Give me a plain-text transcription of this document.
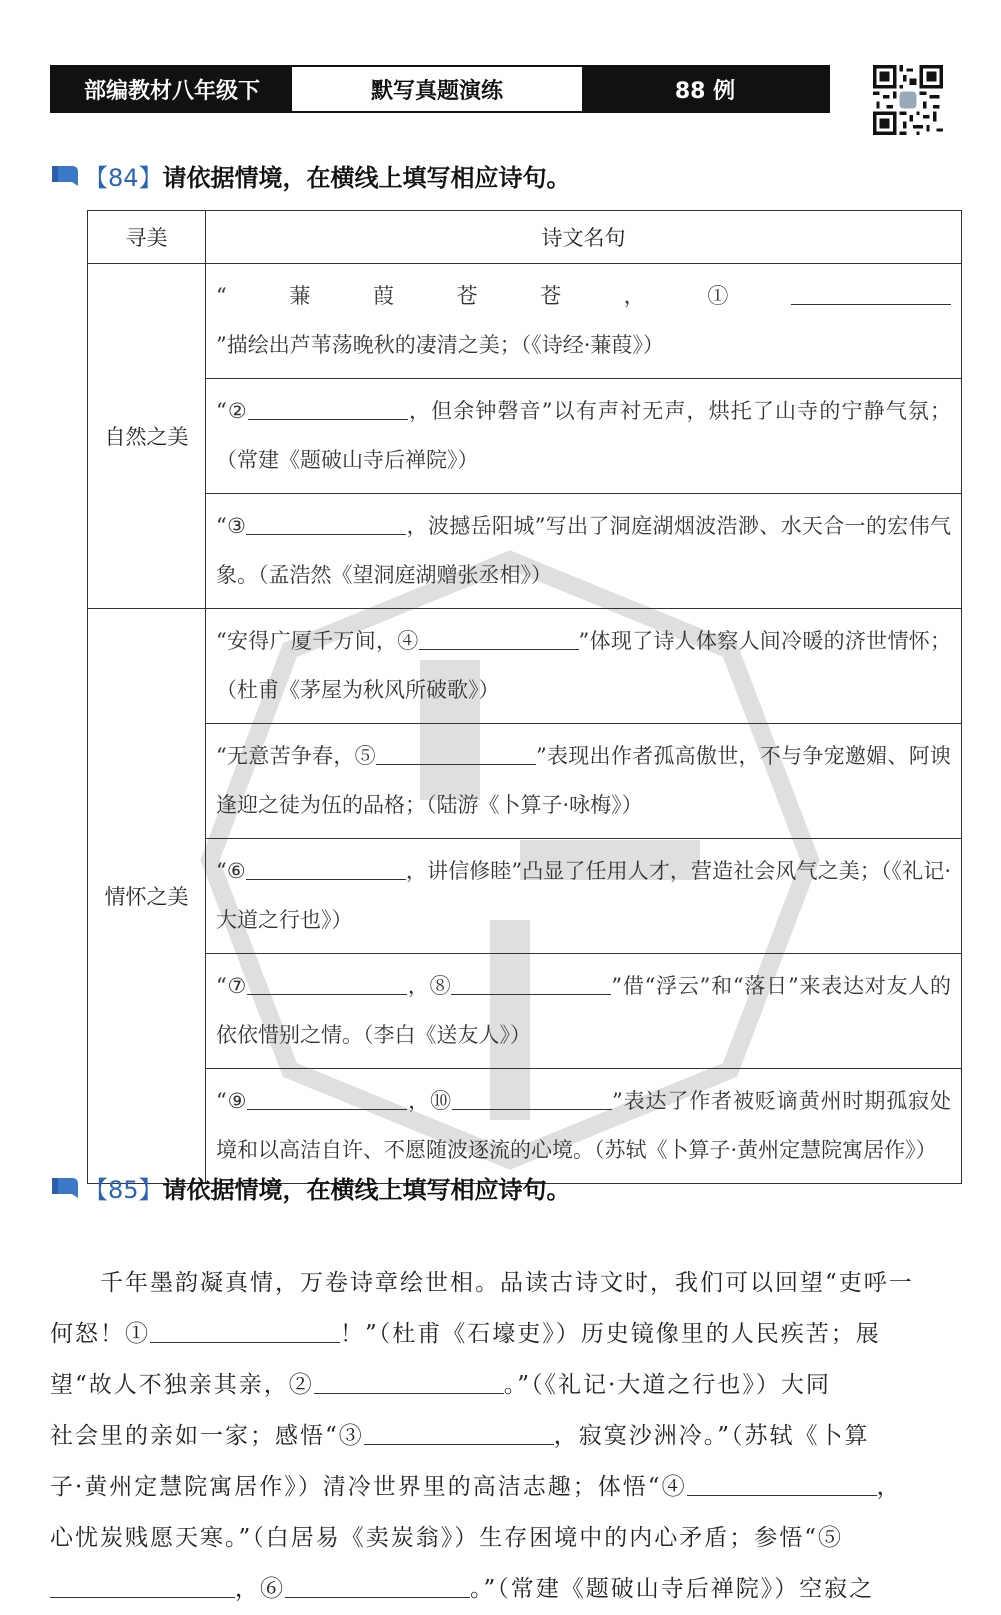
部编教材八年级下	默写真题演练	88 例
【84】 请依据情境，在横线上填写相应诗句。
寻美	诗文名句
自然之美	“蒹葭苍苍，①”描绘出芦苇荡晚秋的凄清之美；（《诗经·蒹葭》）
	“② ，但余钟磬音”以有声衬无声，烘托了山寺的宁静气氛；（常建《题破山寺后禅院》）
	“③ ，波撼岳阳城”写出了洞庭湖烟波浩渺、水天合一的宏伟气象。（孟浩然《望洞庭湖赠张丞相》）
情怀之美	“安得广厦千万间，④ ”体现了诗人体察人间冷暖的济世情怀；（杜甫《茅屋为秋风所破歌》）
	“无意苦争春，⑤ ”表现出作者孤高傲世，不与争宠邀媚、阿谀逢迎之徒为伍的品格；（陆游《卜算子·咏梅》）
	“⑥ ，讲信修睦”凸显了任用人才，营造社会风气之美；（《礼记·大道之行也》）
	“⑦ ，⑧ ”借“浮云”和“落日”来表达对友人的依依惜别之情。（李白《送友人》）
	“⑨ ，⑩ ”表达了作者被贬谪黄州时期孤寂处境和以高洁自许、不愿随波逐流的心境。（苏轼《卜算子·黄州定慧院寓居作》）
【85】 请依据情境，在横线上填写相应诗句。
　　千年墨韵凝真情，万卷诗章绘世相。品读古诗文时，我们可以回望“吏呼一
何怒！①	！”（杜甫《石壕吏》）历史镜像里的人民疾苦；展
望“故人不独亲其亲，②	。”（《礼记·大道之行也》）大同
社会里的亲如一家；感悟“③	，寂寞沙洲冷。”（苏轼《卜算
子·黄州定慧院寓居作》）清冷世界里的高洁志趣；体悟“④	，
心忧炭贱愿天寒。”（白居易《卖炭翁》）生存困境中的内心矛盾；参悟“⑤
，⑥	。”（常建《题破山寺后禅院》）空寂之
